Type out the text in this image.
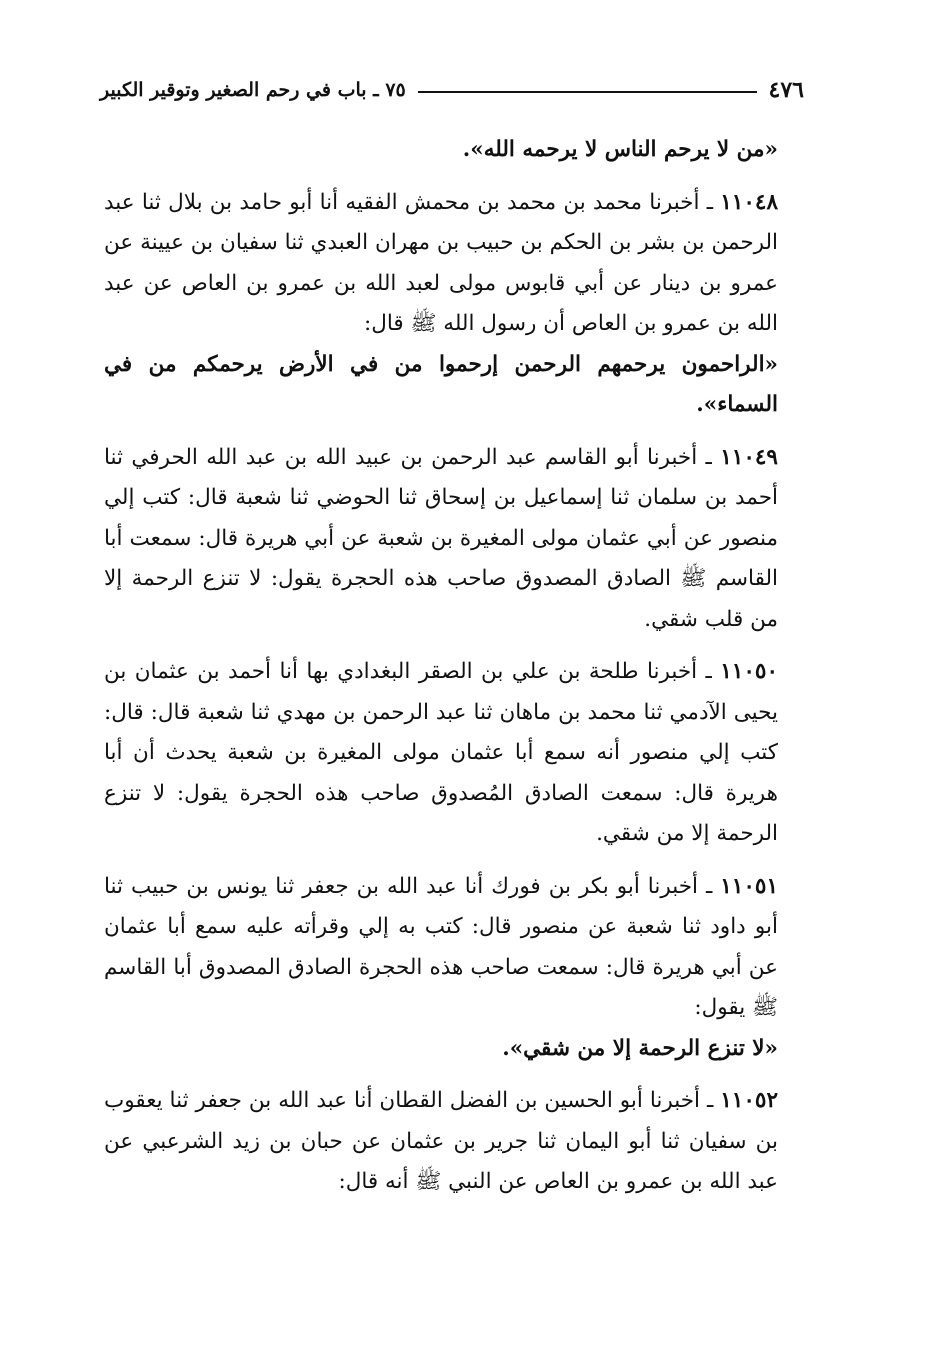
٤٧٦
٧٥ ـ باب في رحم الصغير وتوقير الكبير

«من لا يرحم الناس لا يرحمه الله».

١١٠٤٨ ـ أخبرنا محمد بن محمد بن محمش الفقيه أنا أبو حامد بن بلال ثنا عبد الرحمن بن بشر بن الحكم بن حبيب بن مهران العبدي ثنا سفيان بن عيينة عن عمرو بن دينار عن أبي قابوس مولى لعبد الله بن عمرو بن العاص عن عبد الله بن عمرو بن العاص أن رسول الله ﷺ قال:

«الراحمون يرحمهم الرحمن إرحموا من في الأرض يرحمكم من في السماء».

١١٠٤٩ ـ أخبرنا أبو القاسم عبد الرحمن بن عبيد الله بن عبد الله الحرفي ثنا أحمد بن سلمان ثنا إسماعيل بن إسحاق ثنا الحوضي ثنا شعبة قال: كتب إلي منصور عن أبي عثمان مولى المغيرة بن شعبة عن أبي هريرة قال: سمعت أبا القاسم ﷺ الصادق المصدوق صاحب هذه الحجرة يقول: لا تنزع الرحمة إلا من قلب شقي.

١١٠٥٠ ـ أخبرنا طلحة بن علي بن الصقر البغدادي بها أنا أحمد بن عثمان بن يحيى الآدمي ثنا محمد بن ماهان ثنا عبد الرحمن بن مهدي ثنا شعبة قال: قال: كتب إلي منصور أنه سمع أبا عثمان مولى المغيرة بن شعبة يحدث أن أبا هريرة قال: سمعت الصادق المُصدوق صاحب هذه الحجرة يقول: لا تنزع الرحمة إلا من شقي.

١١٠٥١ ـ أخبرنا أبو بكر بن فورك أنا عبد الله بن جعفر ثنا يونس بن حبيب ثنا أبو داود ثنا شعبة عن منصور قال: كتب به إلي وقرأته عليه سمع أبا عثمان عن أبي هريرة قال: سمعت صاحب هذه الحجرة الصادق المصدوق أبا القاسم ﷺ يقول:

«لا تنزع الرحمة إلا من شقي».

١١٠٥٢ ـ أخبرنا أبو الحسين بن الفضل القطان أنا عبد الله بن جعفر ثنا يعقوب بن سفيان ثنا أبو اليمان ثنا جرير بن عثمان عن حبان بن زيد الشرعبي عن عبد الله بن عمرو بن العاص عن النبي ﷺ أنه قال:
